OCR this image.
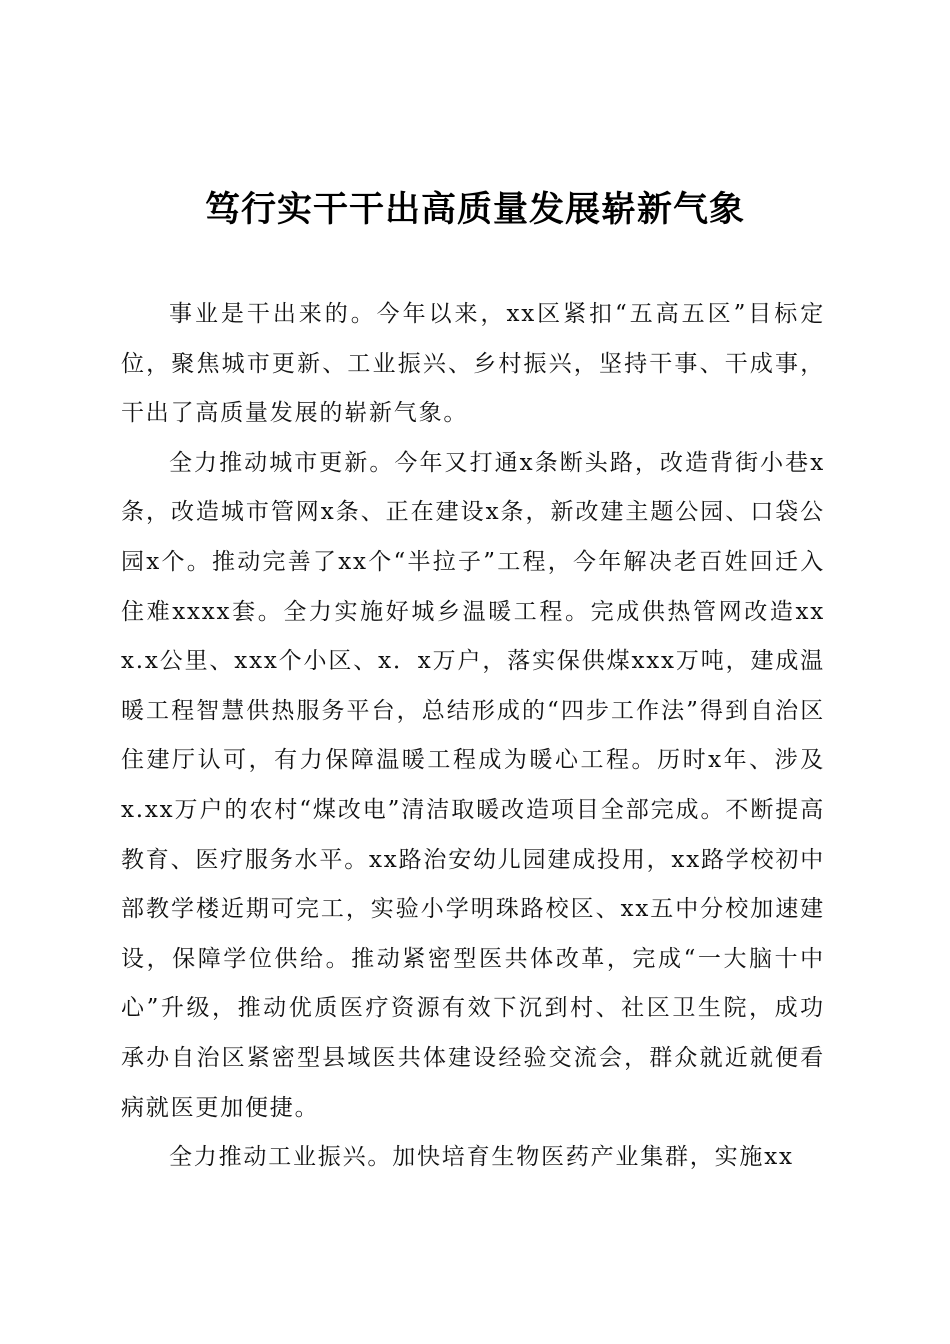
笃行实干干出高质量发展崭新气象

事业是干出来的。今年以来，xx区紧扣“五高五区”目标定位，聚焦城市更新、工业振兴、乡村振兴，坚持干事、干成事，干出了高质量发展的崭新气象。

全力推动城市更新。今年又打通x条断头路，改造背街小巷x条，改造城市管网x条、正在建设x条，新改建主题公园、口袋公园x个。推动完善了xx个“半拉子”工程，今年解决老百姓回迁入住难xxxx套。全力实施好城乡温暖工程。完成供热管网改造xxx.x公里、xxx个小区、x．x万户，落实保供煤xxx万吨，建成温暖工程智慧供热服务平台，总结形成的“四步工作法”得到自治区住建厅认可，有力保障温暖工程成为暖心工程。历时x年、涉及x.xx万户的农村“煤改电”清洁取暖改造项目全部完成。不断提高教育、医疗服务水平。xx路治安幼儿园建成投用，xx路学校初中部教学楼近期可完工，实验小学明珠路校区、xx五中分校加速建设，保障学位供给。推动紧密型医共体改革，完成“一大脑十中心”升级，推动优质医疗资源有效下沉到村、社区卫生院，成功承办自治区紧密型县域医共体建设经验交流会，群众就近就便看病就医更加便捷。

全力推动工业振兴。加快培育生物医药产业集群，实施xx
